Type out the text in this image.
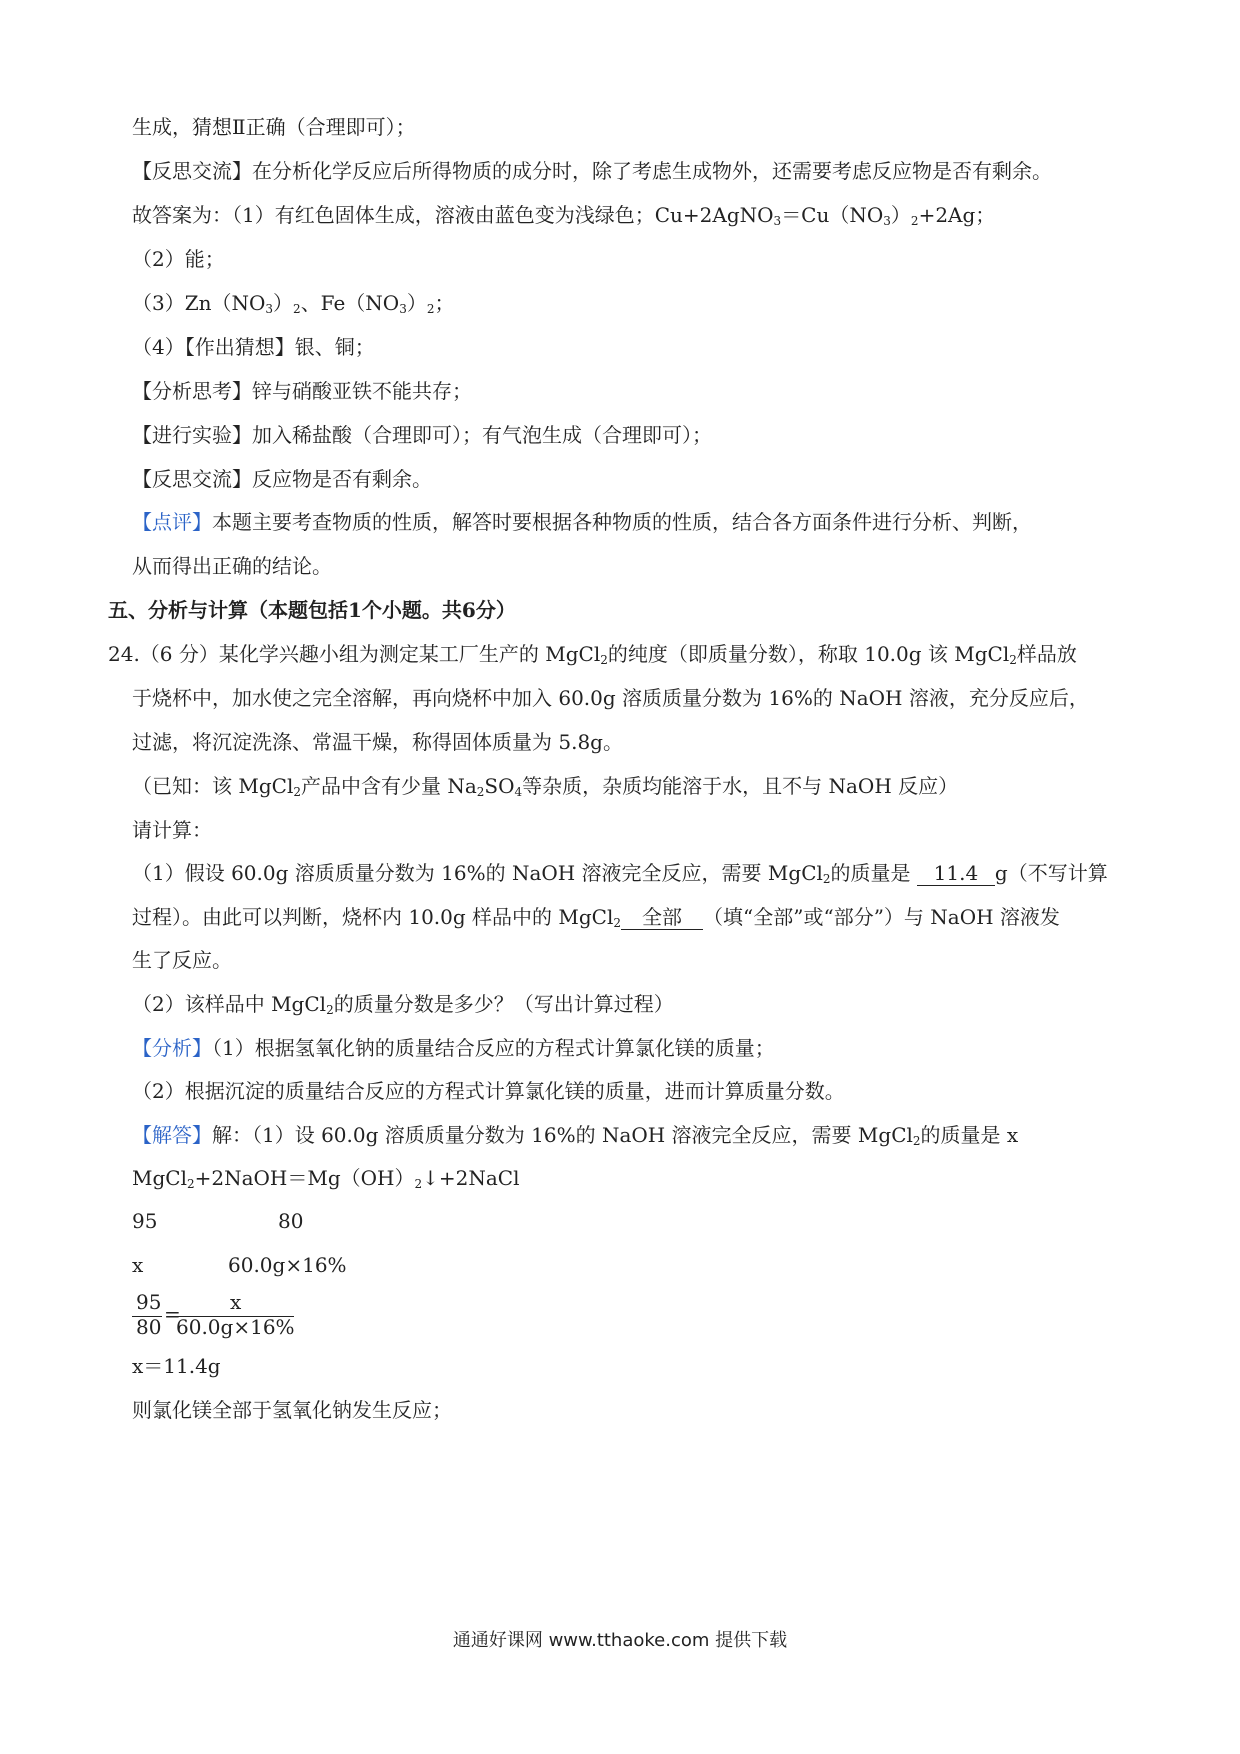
生成，猜想Ⅱ正确（合理即可）；
【反思交流】在分析化学反应后所得物质的成分时，除了考虑生成物外，还需要考虑反应物是否有剩余。
故答案为：（1）有红色固体生成，溶液由蓝色变为浅绿色；$Cu+2AgNO_3=Cu(NO_3)_2+2Ag$；
（2）能；
$(3)Zn(NO_3)_2$、$Fe(NO_3)_2$；
（4）【作出猜想】银、铜；
【分析思考】锌与硝酸亚铁不能共存；
【进行实验】加入稀盐酸（合理即可）；有气泡生成（合理即可）；
【反思交流】反应物是否有剩余。
【点评】本题主要考查物质的性质，解答时要根据各种物质的性质，结合各方面条件进行分析、判断，
从而得出正确的结论。
五、分析与计算（本题包括1个小题。共6分）
24.（6 分）某化学兴趣小组为测定某工厂生产的 MgCl$_2$的纯度（即质量分数），称取 10.0g 该 MgCl$_2$样品放
于烧杯中，加水使之完全溶解，再向烧杯中加入 60.0g 溶质质量分数为 16%的 NaOH 溶液，充分反应后，
过滤，将沉淀洗涤、常温干燥，称得固体质量为 5.8g。
（已知：该 MgCl$_2$产品中含有少量 $Na_2SO_4$等杂质，杂质均能溶于水，且不与 NaOH 反应）
请计算：
（1）假设 60.0g 溶质质量分数为 16%的 NaOH 溶液完全反应，需要 MgCl$_2$的质量是 11.4 g（不写计算
过程）。由此可以判断，烧杯内 10.0g 样品中的 MgCl$_2$ 全部 （填“全部”或“部分”）与 NaOH 溶液发
生了反应。
（2）该样品中 MgCl$_2$的质量分数是多少？（写出计算过程）
【分析】（1）根据氢氧化钠的质量结合反应的方程式计算氯化镁的质量；
（2）根据沉淀的质量结合反应的方程式计算氯化镁的质量，进而计算质量分数。
【解答】解：（1）设 60.0g 溶质质量分数为 16%的 NaOH 溶液完全反应，需要 MgCl$_2$的质量是 x
$MgCl_2+2NaOH=Mg(OH)_2↓+2NaCl$
95	80
x	60.0g×16%
95
80
= x
60.0g×16%
x＝11.4g
则氯化镁全部于氢氧化钠发生反应；
通通好课网 www.tthaoke.com 提供下载
